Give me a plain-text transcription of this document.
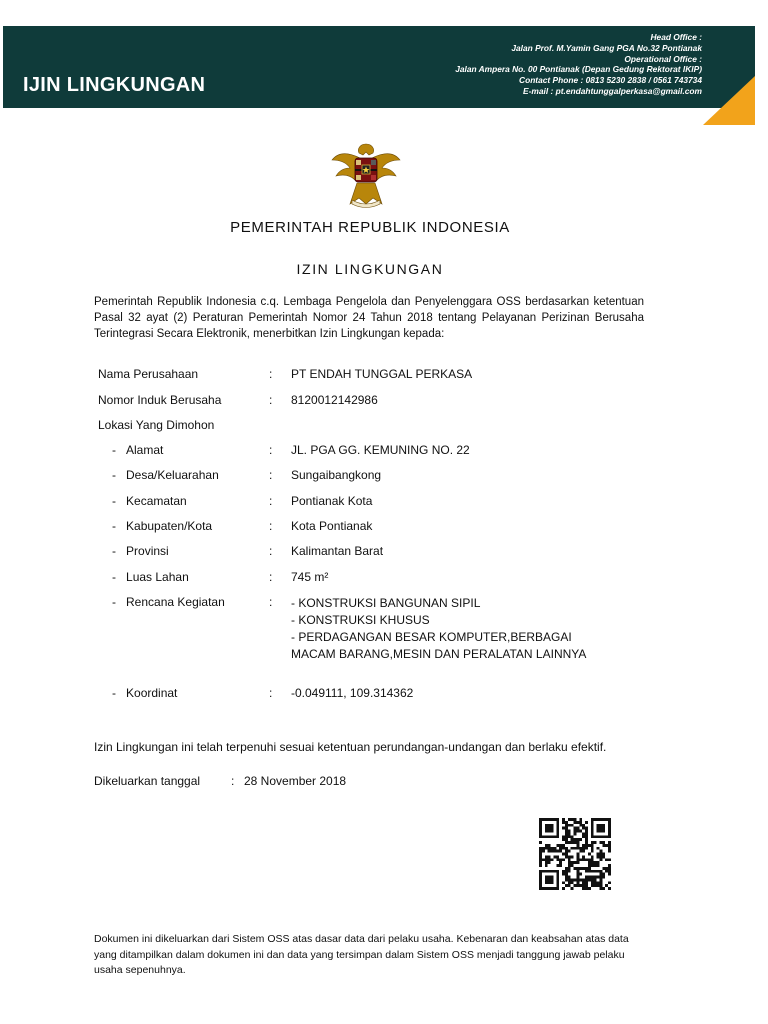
IJIN LINGKUNGAN
Head Office :
Jalan Prof. M.Yamin Gang PGA No.32 Pontianak
Operational Office :
Jalan Ampera No. 00 Pontianak (Depan Gedung Rektorat IKIP)
Contact Phone : 0813 5230 2838 / 0561 743734
E-mail : pt.endahtunggalperkasa@gmail.com
PEMERINTAH REPUBLIK INDONESIA
IZIN LINGKUNGAN
Pemerintah Republik Indonesia c.q. Lembaga Pengelola dan Penyelenggara OSS berdasarkan ketentuan Pasal 32 ayat (2) Peraturan Pemerintah Nomor 24 Tahun 2018 tentang Pelayanan Perizinan Berusaha Terintegrasi Secara Elektronik, menerbitkan Izin Lingkungan kepada:
Nama Perusahaan	: PT ENDAH TUNGGAL PERKASA
Nomor Induk Berusaha	: 8120012142986
Lokasi Yang Dimohon
- Alamat	: JL. PGA GG. KEMUNING NO. 22
- Desa/Keluarahan	: Sungaibangkong
- Kecamatan	: Pontianak Kota
- Kabupaten/Kota	: Kota Pontianak
- Provinsi	: Kalimantan Barat
- Luas Lahan	: 745 m²
- Rencana Kegiatan	: - KONSTRUKSI BANGUNAN SIPIL
- KONSTRUKSI KHUSUS
- PERDAGANGAN BESAR KOMPUTER,BERBAGAI
MACAM BARANG,MESIN DAN PERALATAN LAINNYA
- Koordinat	: -0.049111, 109.314362
Izin Lingkungan ini telah terpenuhi sesuai ketentuan perundangan-undangan dan berlaku efektif.
Dikeluarkan tanggal	: 28 November 2018
Dokumen ini dikeluarkan dari Sistem OSS atas dasar data dari pelaku usaha. Kebenaran dan keabsahan atas data yang ditampilkan dalam dokumen ini dan data yang tersimpan dalam Sistem OSS menjadi tanggung jawab pelaku usaha sepenuhnya.
